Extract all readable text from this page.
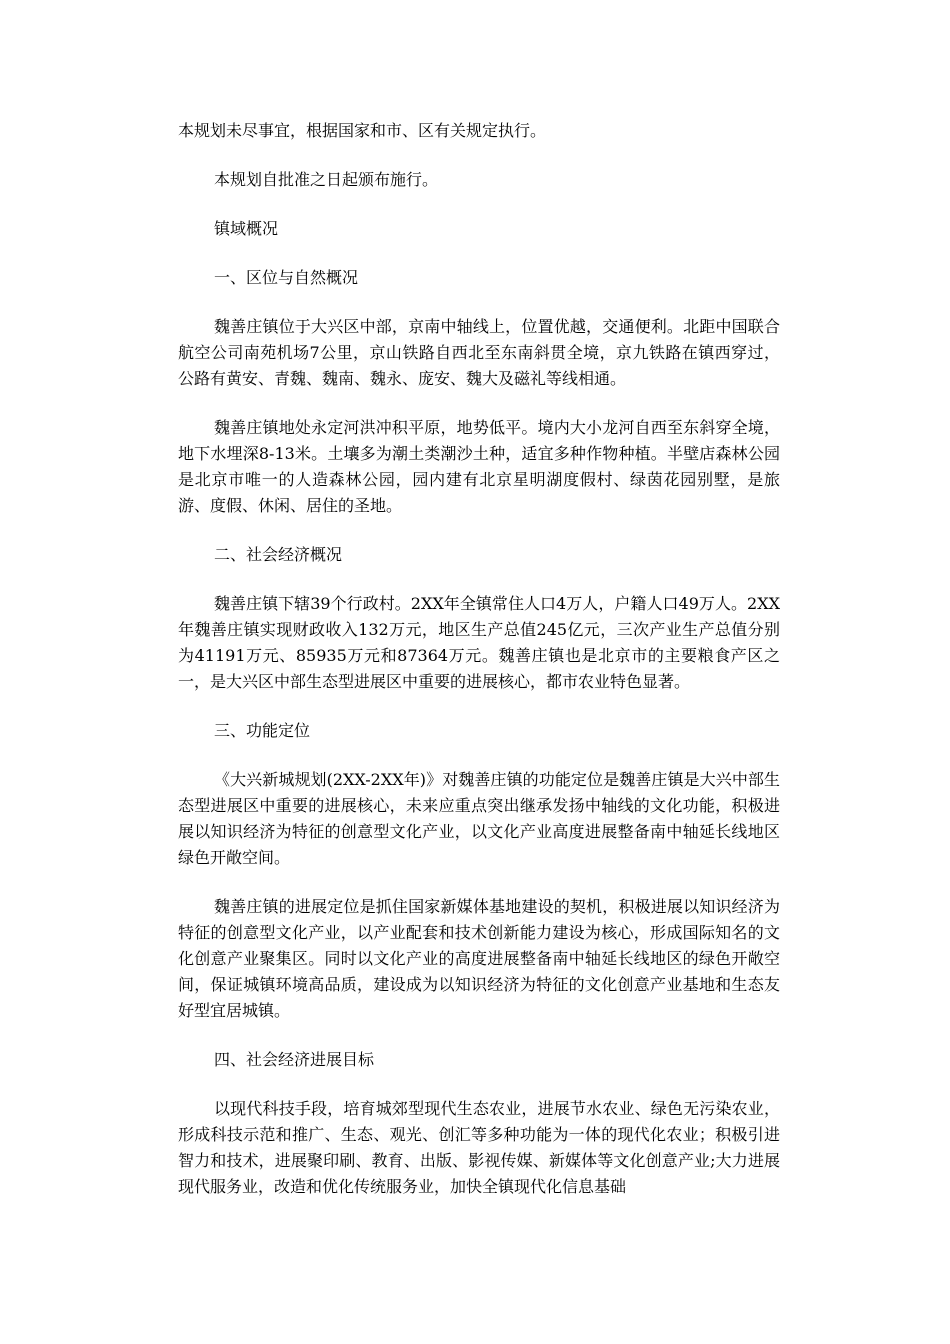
本规划未尽事宜，根据国家和市、区有关规定执行。

本规划自批准之日起颁布施行。

镇域概况

一、区位与自然概况

魏善庄镇位于大兴区中部，京南中轴线上，位置优越，交通便利。北距中国联合航空公司南苑机场7公里，京山铁路自西北至东南斜贯全境，京九铁路在镇西穿过，公路有黄安、青魏、魏南、魏永、庞安、魏大及磁礼等线相通。

魏善庄镇地处永定河洪冲积平原，地势低平。境内大小龙河自西至东斜穿全境，地下水埋深8-13米。土壤多为潮土类潮沙土种，适宜多种作物种植。半壁店森林公园是北京市唯一的人造森林公园，园内建有北京星明湖度假村、绿茵花园别墅，是旅游、度假、休闲、居住的圣地。

二、社会经济概况

魏善庄镇下辖39个行政村。2XX年全镇常住人口4万人，户籍人口49万人。2XX年魏善庄镇实现财政收入132万元，地区生产总值245亿元，三次产业生产总值分别为41191万元、85935万元和87364万元。魏善庄镇也是北京市的主要粮食产区之一，是大兴区中部生态型进展区中重要的进展核心，都市农业特色显著。

三、功能定位

《大兴新城规划(2XX-2XX年)》对魏善庄镇的功能定位是魏善庄镇是大兴中部生态型进展区中重要的进展核心，未来应重点突出继承发扬中轴线的文化功能，积极进展以知识经济为特征的创意型文化产业，以文化产业高度进展整备南中轴延长线地区绿色开敞空间。

魏善庄镇的进展定位是抓住国家新媒体基地建设的契机，积极进展以知识经济为特征的创意型文化产业，以产业配套和技术创新能力建设为核心，形成国际知名的文化创意产业聚集区。同时以文化产业的高度进展整备南中轴延长线地区的绿色开敞空间，保证城镇环境高品质，建设成为以知识经济为特征的文化创意产业基地和生态友好型宜居城镇。

四、社会经济进展目标

以现代科技手段，培育城郊型现代生态农业，进展节水农业、绿色无污染农业，形成科技示范和推广、生态、观光、创汇等多种功能为一体的现代化农业；积极引进智力和技术，进展聚印刷、教育、出版、影视传媒、新媒体等文化创意产业;大力进展现代服务业，改造和优化传统服务业，加快全镇现代化信息基础
